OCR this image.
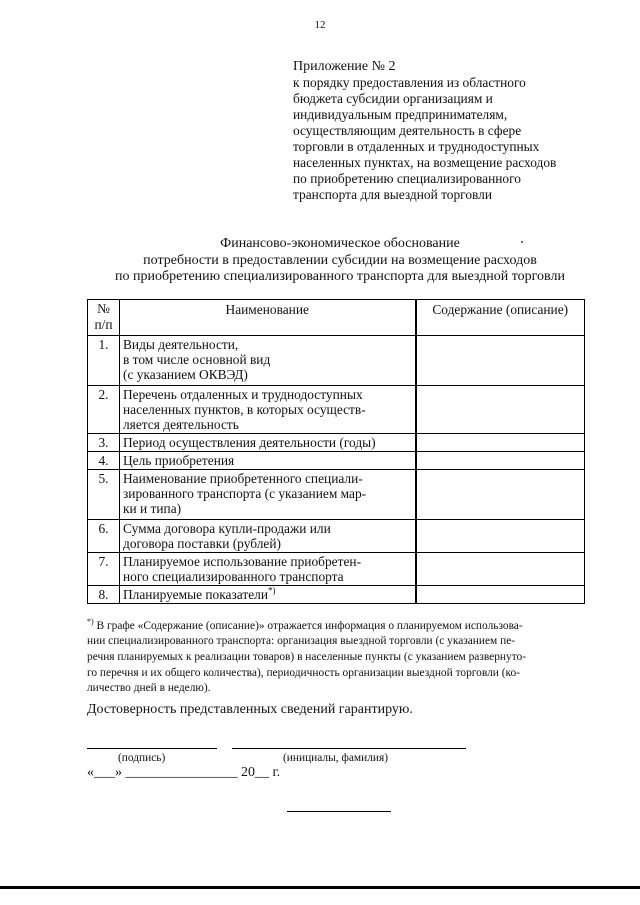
12
Приложение № 2
к порядку предоставления из областного
бюджета субсидии организациям и
индивидуальным предпринимателям,
осуществляющим деятельность в сфере
торговли в отдаленных и труднодоступных
населенных пунктах, на возмещение расходов
по приобретению специализированного
транспорта для выездной торговли
Финансово-экономическое обоснование
потребности в предоставлении субсидии на возмещение расходов
по приобретению специализированного транспорта для выездной торговли
№
п/п	Наименование	Содержание (описание)
1.	Виды деятельности,
в том числе основной вид
(с указанием ОКВЭД)	

2.	Перечень отдаленных и труднодоступных
населенных пунктов, в которых осуществ-
ляется деятельность	

3.	Период осуществления деятельности (годы)	

4.	Цель приобретения	

5.	Наименование приобретенного специали-
зированного транспорта (с указанием мар-
ки и типа)	

6.	Сумма договора купли-продажи или
договора поставки (рублей)	

7.	Планируемое использование приобретен-
ного специализированного транспорта	

8.	Планируемые показатели*)

*) В графе «Содержание (описание)» отражается информация о планируемом использова-
нии специализированного транспорта: организация выездной торговли (с указанием пе-
речня планируемых к реализации товаров) в населенные пункты (с указанием развернуто-
го перечня и их общего количества), периодичность организации выездной торговли (ко-
личество дней в неделю).
Достоверность представленных сведений гарантирую.
(подпись)	(инициалы, фамилия)
«___» ________________ 20__ г.
